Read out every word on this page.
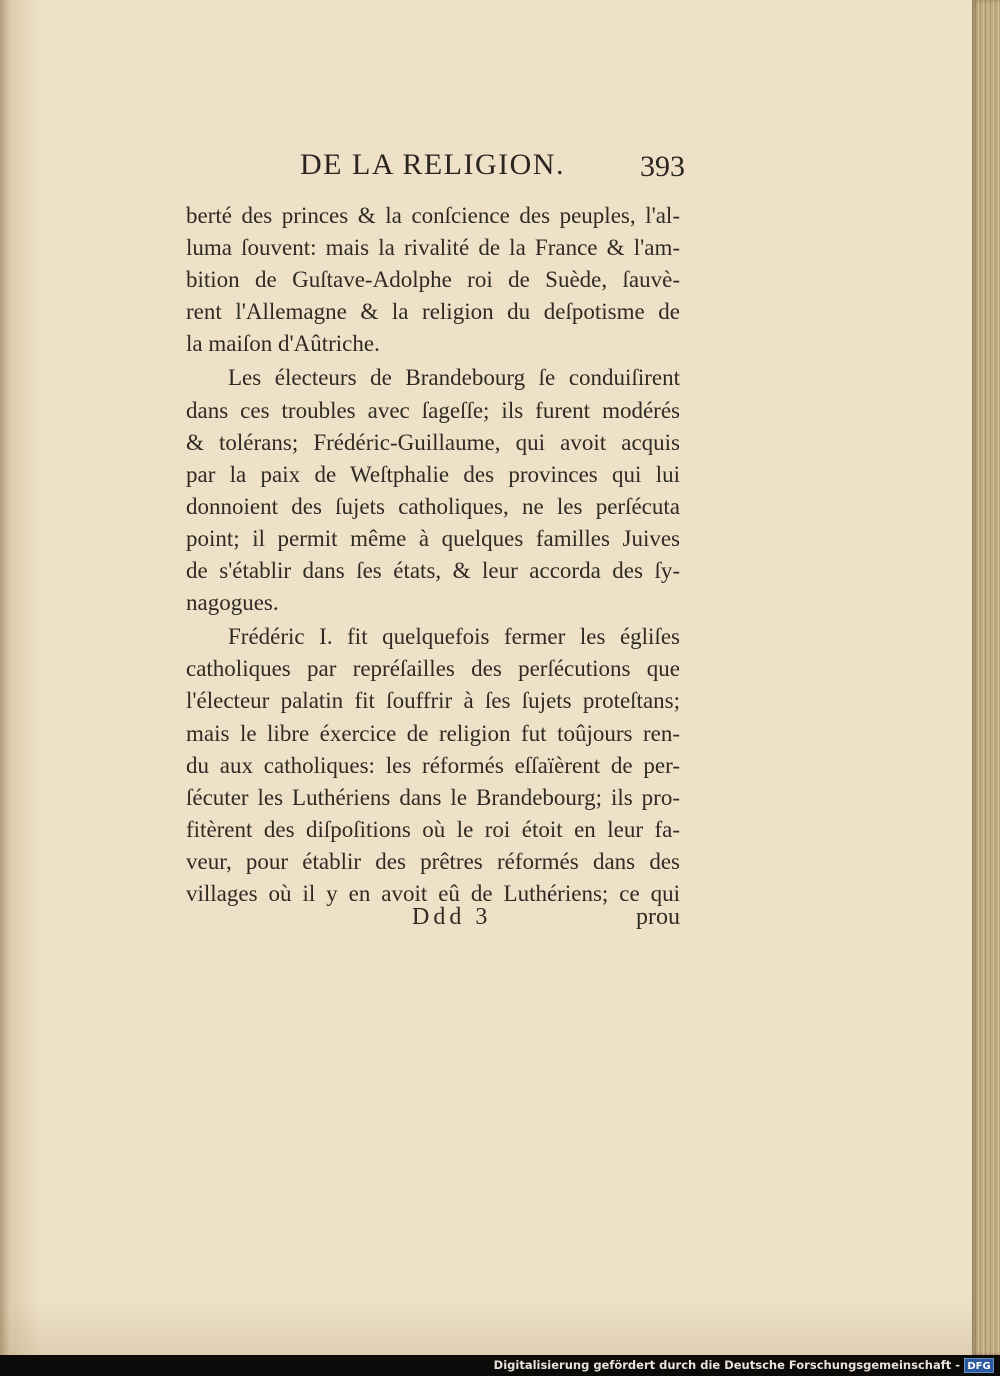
DE LA RELIGION.	393
berté des princes & la conſcience des peuples, l'al-
luma ſouvent: mais la rivalité de la France & l'am-
bition de Guſtave-Adolphe roi de Suède, ſauvè-
rent l'Allemagne & la religion du deſpotisme de
la maiſon d'Aûtriche.
Les électeurs de Brandebourg ſe conduiſirent
dans ces troubles avec ſageſſe; ils furent modérés
& tolérans; Frédéric-Guillaume, qui avoit acquis
par la paix de Weſtphalie des provinces qui lui
donnoient des ſujets catholiques, ne les perſécuta
point; il permit même à quelques familles Juives
de s'établir dans ſes états, & leur accorda des ſy-
nagogues.
Frédéric I. fit quelquefois fermer les égliſes
catholiques par repréſailles des perſécutions que
l'électeur palatin fit ſouffrir à ſes ſujets proteſtans;
mais le libre éxercice de religion fut toûjours ren-
du aux catholiques: les réformés eſſaïèrent de per-
ſécuter les Luthériens dans le Brandebourg; ils pro-
fitèrent des diſpoſitions où le roi étoit en leur fa-
veur, pour établir des prêtres réformés dans des
villages où il y en avoit eû de Luthériens; ce qui
Ddd 3	prou
Digitalisierung gefördert durch die Deutsche Forschungsgemeinschaft - DFG
